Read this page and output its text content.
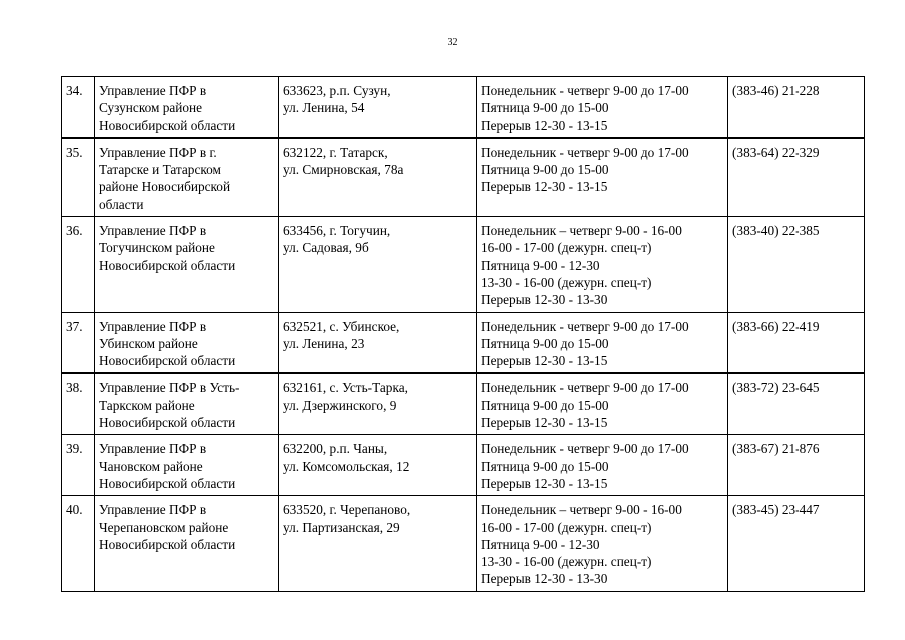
32
34.	Управление ПФР в
Сузунском районе
Новосибирской области	633623, р.п. Сузун,
ул. Ленина, 54	Понедельник - четверг 9-00 до 17-00
Пятница 9-00 до 15-00
Перерыв 12-30 - 13-15	(383-46) 21-228
35.	Управление ПФР в г.
Татарске и Татарском
районе Новосибирской
области	632122, г. Татарск,
ул. Смирновская, 78а	Понедельник - четверг 9-00 до 17-00
Пятница 9-00 до 15-00
Перерыв 12-30 - 13-15	(383-64) 22-329
36.	Управление ПФР в
Тогучинском районе
Новосибирской области	633456, г. Тогучин,
ул. Садовая, 9б	Понедельник – четверг 9-00 - 16-00
16-00 - 17-00 (дежурн. спец-т)
Пятница 9-00 - 12-30
13-30 - 16-00 (дежурн. спец-т)
Перерыв 12-30 - 13-30	(383-40) 22-385
37.	Управление ПФР в
Убинском районе
Новосибирской области	632521, с. Убинское,
ул. Ленина, 23	Понедельник - четверг 9-00 до 17-00
Пятница 9-00 до 15-00
Перерыв 12-30 - 13-15	(383-66) 22-419
38.	Управление ПФР в Усть-
Таркском районе
Новосибирской области	632161, с. Усть-Тарка,
ул. Дзержинского, 9	Понедельник - четверг 9-00 до 17-00
Пятница 9-00 до 15-00
Перерыв 12-30 - 13-15	(383-72) 23-645
39.	Управление ПФР в
Чановском районе
Новосибирской области	632200, р.п. Чаны,
ул. Комсомольская, 12	Понедельник - четверг 9-00 до 17-00
Пятница 9-00 до 15-00
Перерыв 12-30 - 13-15	(383-67) 21-876
40.	Управление ПФР в
Черепановском районе
Новосибирской области	633520, г. Черепаново,
ул. Партизанская, 29	Понедельник – четверг 9-00 - 16-00
16-00 - 17-00 (дежурн. спец-т)
Пятница 9-00 - 12-30
13-30 - 16-00 (дежурн. спец-т)
Перерыв 12-30 - 13-30	(383-45) 23-447
